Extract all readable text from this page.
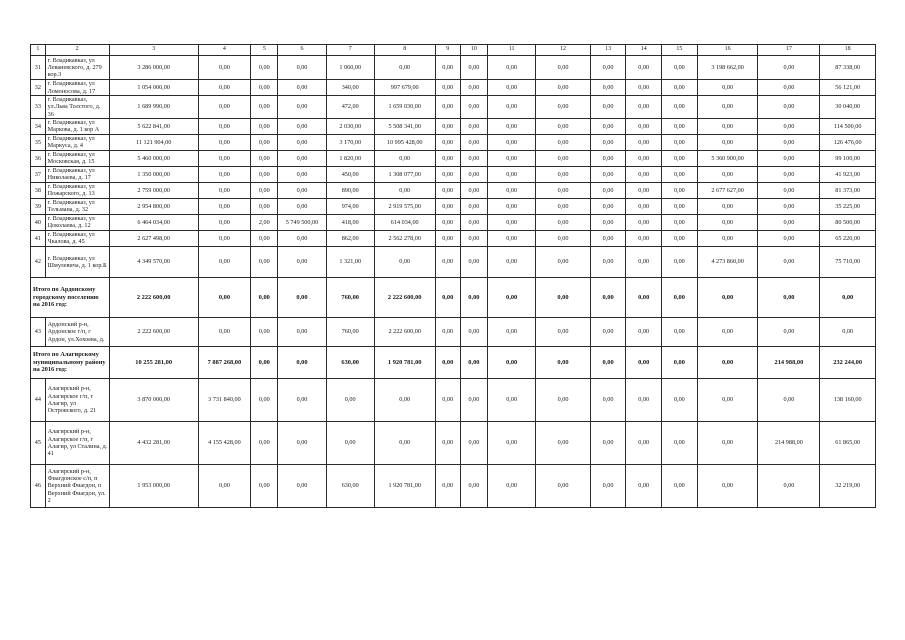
1	2	3	4	5	6	7	8	9	10	11	12	13	14	15	16	17	18
31	г. Владикавказ, ул Леваневского, д. 279 кор.3	3 286 000,00	0,00	0,00	0,00	1 060,00	0,00	0,00	0,00	0,00	0,00	0,00	0,00	0,00	3 198 662,00	0,00	87 338,00
32	г. Владикавказ, ул Ломоносова, д. 17	1 054 000,00	0,00	0,00	0,00	340,00	997 679,00	0,00	0,00	0,00	0,00	0,00	0,00	0,00	0,00	0,00	56 121,00
33	г. Владикавказ, ул.Льва Толстого, д. 36	1 689 990,00	0,00	0,00	0,00	472,00	1 659 030,00	0,00	0,00	0,00	0,00	0,00	0,00	0,00	0,00	0,00	30 040,00
34	г. Владикавказ, ул Маркова, д. 1 кор А	5 622 841,00	0,00	0,00	0,00	2 030,00	5 508 341,00	0,00	0,00	0,00	0,00	0,00	0,00	0,00	0,00	0,00	114 500,00
35	г. Владикавказ, ул Маркуса, д. 4	11 121 904,00	0,00	0,00	0,00	3 170,00	10 995 428,00	0,00	0,00	0,00	0,00	0,00	0,00	0,00	0,00	0,00	126 476,00
36	г. Владикавказ, ул Московская, д. 15	5 460 000,00	0,00	0,00	0,00	1 820,00	0,00	0,00	0,00	0,00	0,00	0,00	0,00	0,00	5 360 900,00	0,00	99 100,00
37	г. Владикавказ, ул Николаева, д. 17	1 350 000,00	0,00	0,00	0,00	450,00	1 308 077,00	0,00	0,00	0,00	0,00	0,00	0,00	0,00	0,00	0,00	41 923,00
38	г. Владикавказ, ул Пожарского, д. 13	2 759 000,00	0,00	0,00	0,00	890,00	0,00	0,00	0,00	0,00	0,00	0,00	0,00	0,00	2 677 627,00	0,00	81 373,00
39	г. Владикавказ, ул Тельмана, д. 32	2 954 800,00	0,00	0,00	0,00	974,00	2 919 575,00	0,00	0,00	0,00	0,00	0,00	0,00	0,00	0,00	0,00	35 225,00
40	г. Владикавказ, ул Цоколаева, д. 12	6 464 034,00	0,00	2,00	5 749 500,00	418,00	614 034,00	0,00	0,00	0,00	0,00	0,00	0,00	0,00	0,00	0,00	80 500,00
41	г. Владикавказ, ул Чкалова, д. 45	2 627 498,00	0,00	0,00	0,00	862,00	2 562 278,00	0,00	0,00	0,00	0,00	0,00	0,00	0,00	0,00	0,00	65 220,00
42	г. Владикавказ, ул Шмулевича, д. 1 кор.Б	4 349 570,00	0,00	0,00	0,00	1 321,00	0,00	0,00	0,00	0,00	0,00	0,00	0,00	0,00	4 273 860,00	0,00	75 710,00
Итого по Ардонскому городскому поселению на 2016 год:		2 222 600,00	0,00	0,00	0,00	760,00	2 222 600,00	0,00	0,00	0,00	0,00	0,00	0,00	0,00	0,00	0,00	0,00
43	Ардонский р-н, Ардонское г/п, г Ардон, ул.Хохоева, д.	2 222 600,00	0,00	0,00	0,00	760,00	2 222 600,00	0,00	0,00	0,00	0,00	0,00	0,00	0,00	0,00	0,00	0,00
Итого по Алагирскому муниципальному району на 2016 год:		10 255 281,00	7 887 268,00	0,00	0,00	630,00	1 920 781,00	0,00	0,00	0,00	0,00	0,00	0,00	0,00	0,00	214 988,00	232 244,00
44	Алагирский р-н, Алагирское г/п, г Алагир, ул Островского, д. 21	3 870 000,00	3 731 840,00	0,00	0,00	0,00	0,00	0,00	0,00	0,00	0,00	0,00	0,00	0,00	0,00	0,00	138 160,00
45	Алагирский р-н, Алагирское г/п, г Алагир, ул Сталина, д. 41	4 432 281,00	4 155 428,00	0,00	0,00	0,00	0,00	0,00	0,00	0,00	0,00	0,00	0,00	0,00	0,00	214 988,00	61 865,00
46	Алагирский р-н, Фиагдонское с/п, п Верхний Фиагдон, п Верхний Фиагдон, ул. 2	1 953 000,00	0,00	0,00	0,00	630,00	1 920 781,00	0,00	0,00	0,00	0,00	0,00	0,00	0,00	0,00	0,00	32 219,00
